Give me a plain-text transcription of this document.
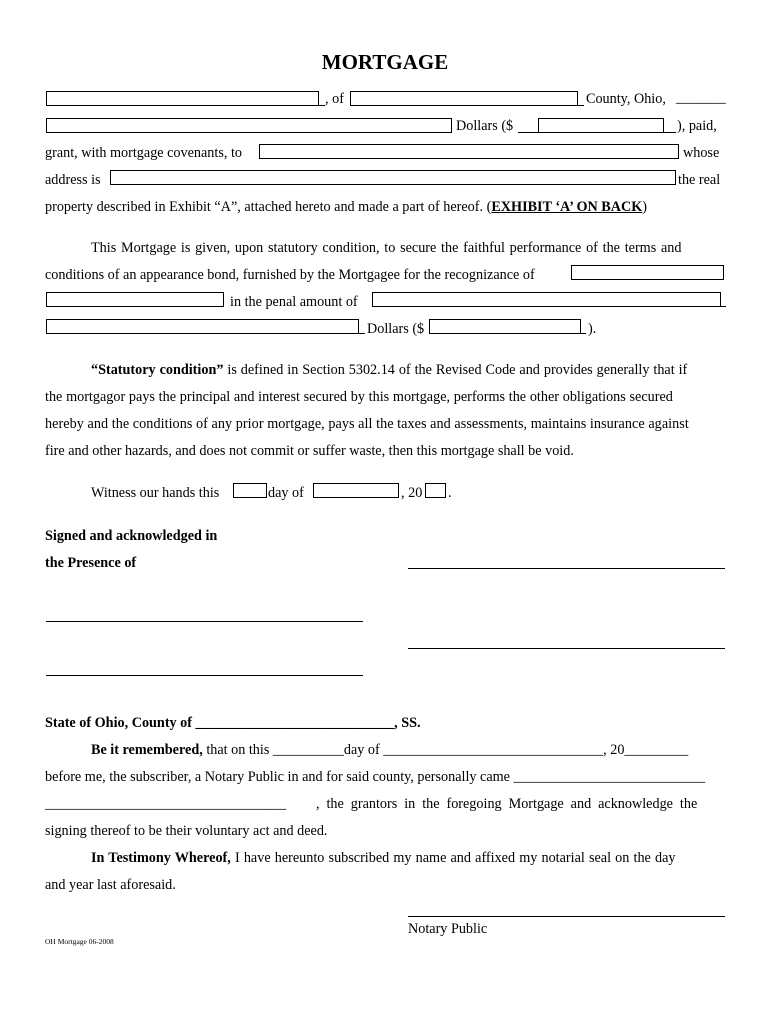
MORTGAGE
, of	County, Ohio, _______
Dollars ($	), paid,
grant, with mortgage covenants, to	whose
address is	the real
property described in Exhibit “A”, attached hereto and made a part of hereof. (EXHIBIT ‘A’ ON BACK)
This Mortgage is given, upon statutory condition, to secure the faithful performance of the terms and
conditions of an appearance bond, furnished by the Mortgagee for the recognizance of
in the penal amount of
Dollars ($	).
“Statutory condition” is defined in Section 5302.14 of the Revised Code and provides generally that if
the mortgagor pays the principal and interest secured by this mortgage, performs the other obligations secured
hereby and the conditions of any prior mortgage, pays all the taxes and assessments, maintains insurance against
fire and other hazards, and does not commit or suffer waste, then this mortgage shall be void.
Witness our hands this	day of	, 20 .
Signed and acknowledged in
the Presence of
State of Ohio, County of ____________________________, SS.
Be it remembered, that on this __________day of _______________________________, 20_________
before me, the subscriber, a Notary Public in and for said county, personally came ___________________________
__________________________________ , the grantors in the foregoing Mortgage and acknowledge the
signing thereof to be their voluntary act and deed.
In Testimony Whereof, I have hereunto subscribed my name and affixed my notarial seal on the day
and year last aforesaid.
Notary Public
OH Mortgage 06-2008
